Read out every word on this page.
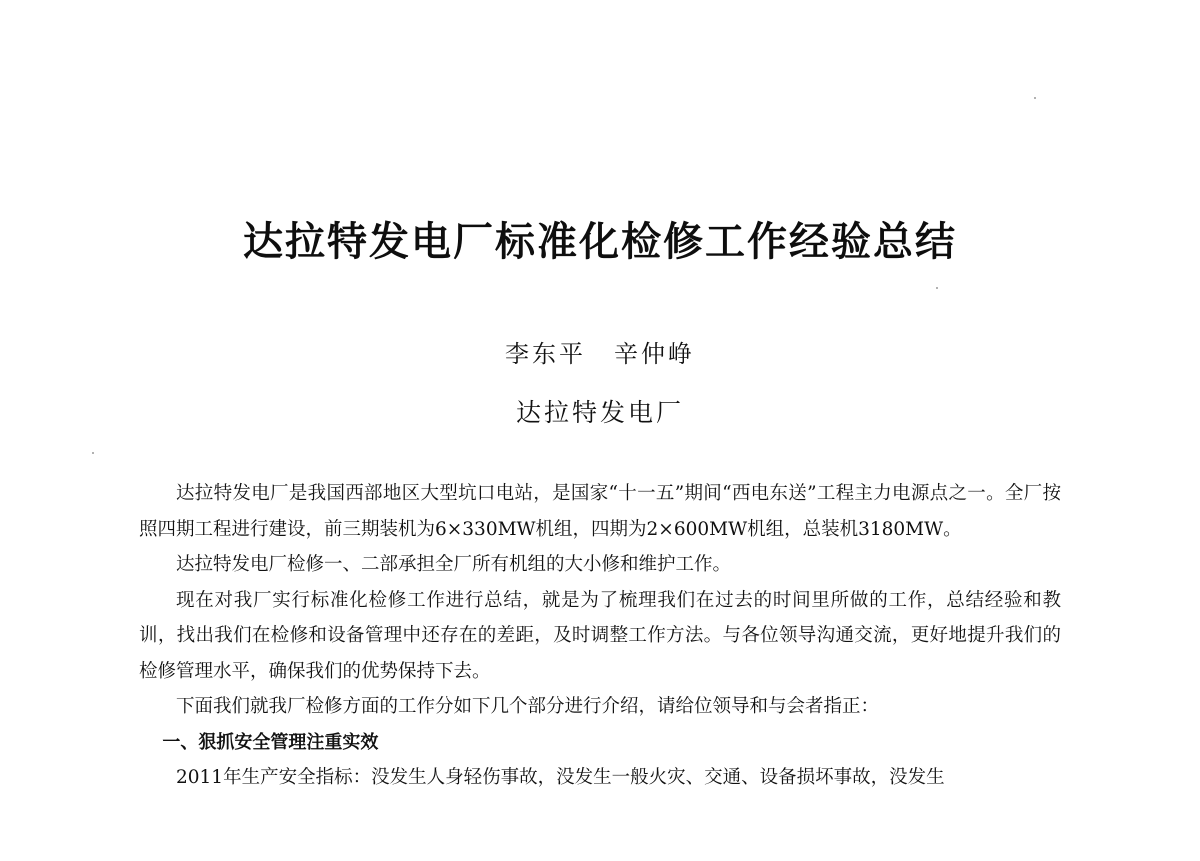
达拉特发电厂标准化检修工作经验总结
李东平 辛仲峥
达拉特发电厂

达拉特发电厂是我国西部地区大型坑口电站，是国家“十一五”期间“西电东送”工程主力电源点之一。全厂按照四期工程进行建设，前三期装机为6×330MW机组，四期为2×600MW机组，总装机3180MW。

达拉特发电厂检修一、二部承担全厂所有机组的大小修和维护工作。

现在对我厂实行标准化检修工作进行总结，就是为了梳理我们在过去的时间里所做的工作，总结经验和教训，找出我们在检修和设备管理中还存在的差距，及时调整工作方法。与各位领导沟通交流，更好地提升我们的检修管理水平，确保我们的优势保持下去。

下面我们就我厂检修方面的工作分如下几个部分进行介绍，请给位领导和与会者指正：

一、狠抓安全管理注重实效

2011年生产安全指标：没发生人身轻伤事故，没发生一般火灾、交通、设备损坏事故，没发生
